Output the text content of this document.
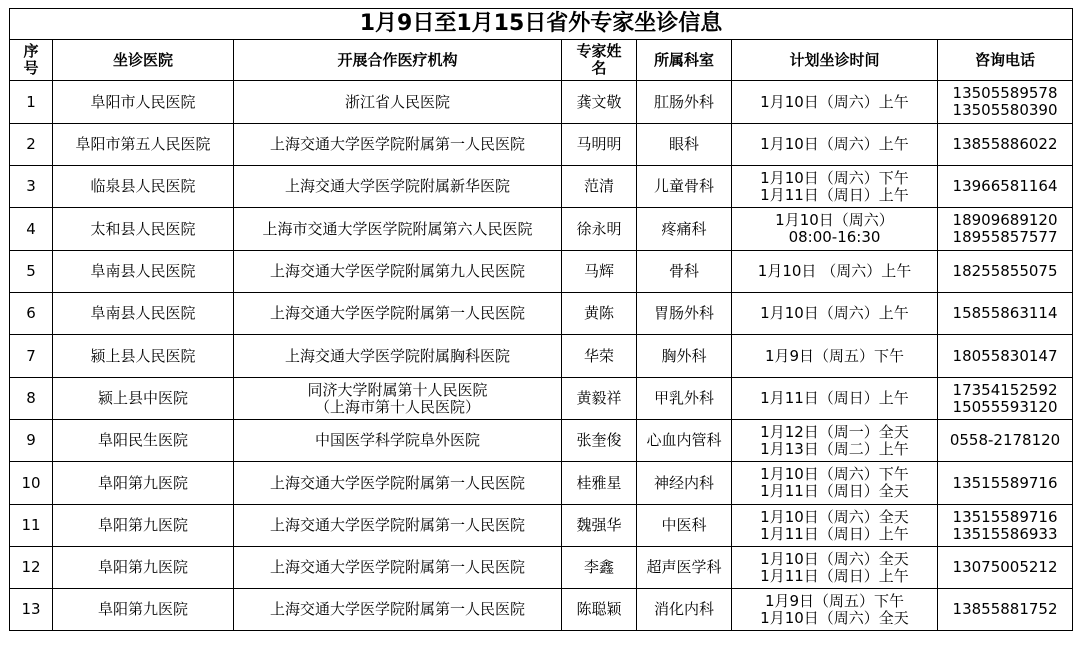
1月9日至1月15日省外专家坐诊信息						

序
号	坐诊医院	开展合作医疗机构	专家姓
名	所属科室	计划坐诊时间	咨询电话
1	阜阳市人民医院	浙江省人民医院	龚文敬	肛肠外科	1月10日（周六）上午	13505589578
13505580390

2	阜阳市第五人民医院	上海交通大学医学院附属第一人民医院	马明明	眼科	1月10日（周六）上午	13855886022

3	临泉县人民医院	上海交通大学医学院附属新华医院	范清	儿童骨科	1月10日（周六）下午
1月11日（周日）上午	13966581164

4	太和县人民医院	上海市交通大学医学院附属第六人民医院	徐永明	疼痛科	1月10日（周六）
08:00-16:30	18909689120
18955857577

5	阜南县人民医院	上海交通大学医学院附属第九人民医院	马辉	骨科	1月10日 （周六）上午	18255855075

6	阜南县人民医院	上海交通大学医学院附属第一人民医院	黄陈	胃肠外科	1月10日（周六）上午	15855863114

7	颍上县人民医院	上海交通大学医学院附属胸科医院	华荣	胸外科	1月9日（周五）下午	18055830147

8	颍上县中医院	同济大学附属第十人民医院
（上海市第十人民医院）	黄毅祥	甲乳外科	1月11日（周日）上午	17354152592
15055593120

9	阜阳民生医院	中国医学科学院阜外医院	张奎俊	心血内管科	1月12日（周一）全天
1月13日（周二）上午	0558-2178120

10	阜阳第九医院	上海交通大学医学院附属第一人民医院	桂雅星	神经内科	1月10日（周六）下午
1月11日（周日）全天	13515589716

11	阜阳第九医院	上海交通大学医学院附属第一人民医院	魏强华	中医科	1月10日（周六）全天
1月11日（周日）上午	13515589716
13515586933

12	阜阳第九医院	上海交通大学医学院附属第一人民医院	李鑫	超声医学科	1月10日（周六）全天
1月11日（周日）上午	13075005212

13	阜阳第九医院	上海交通大学医学院附属第一人民医院	陈聪颖	消化内科	1月9日（周五）下午
1月10日（周六）全天	13855881752
